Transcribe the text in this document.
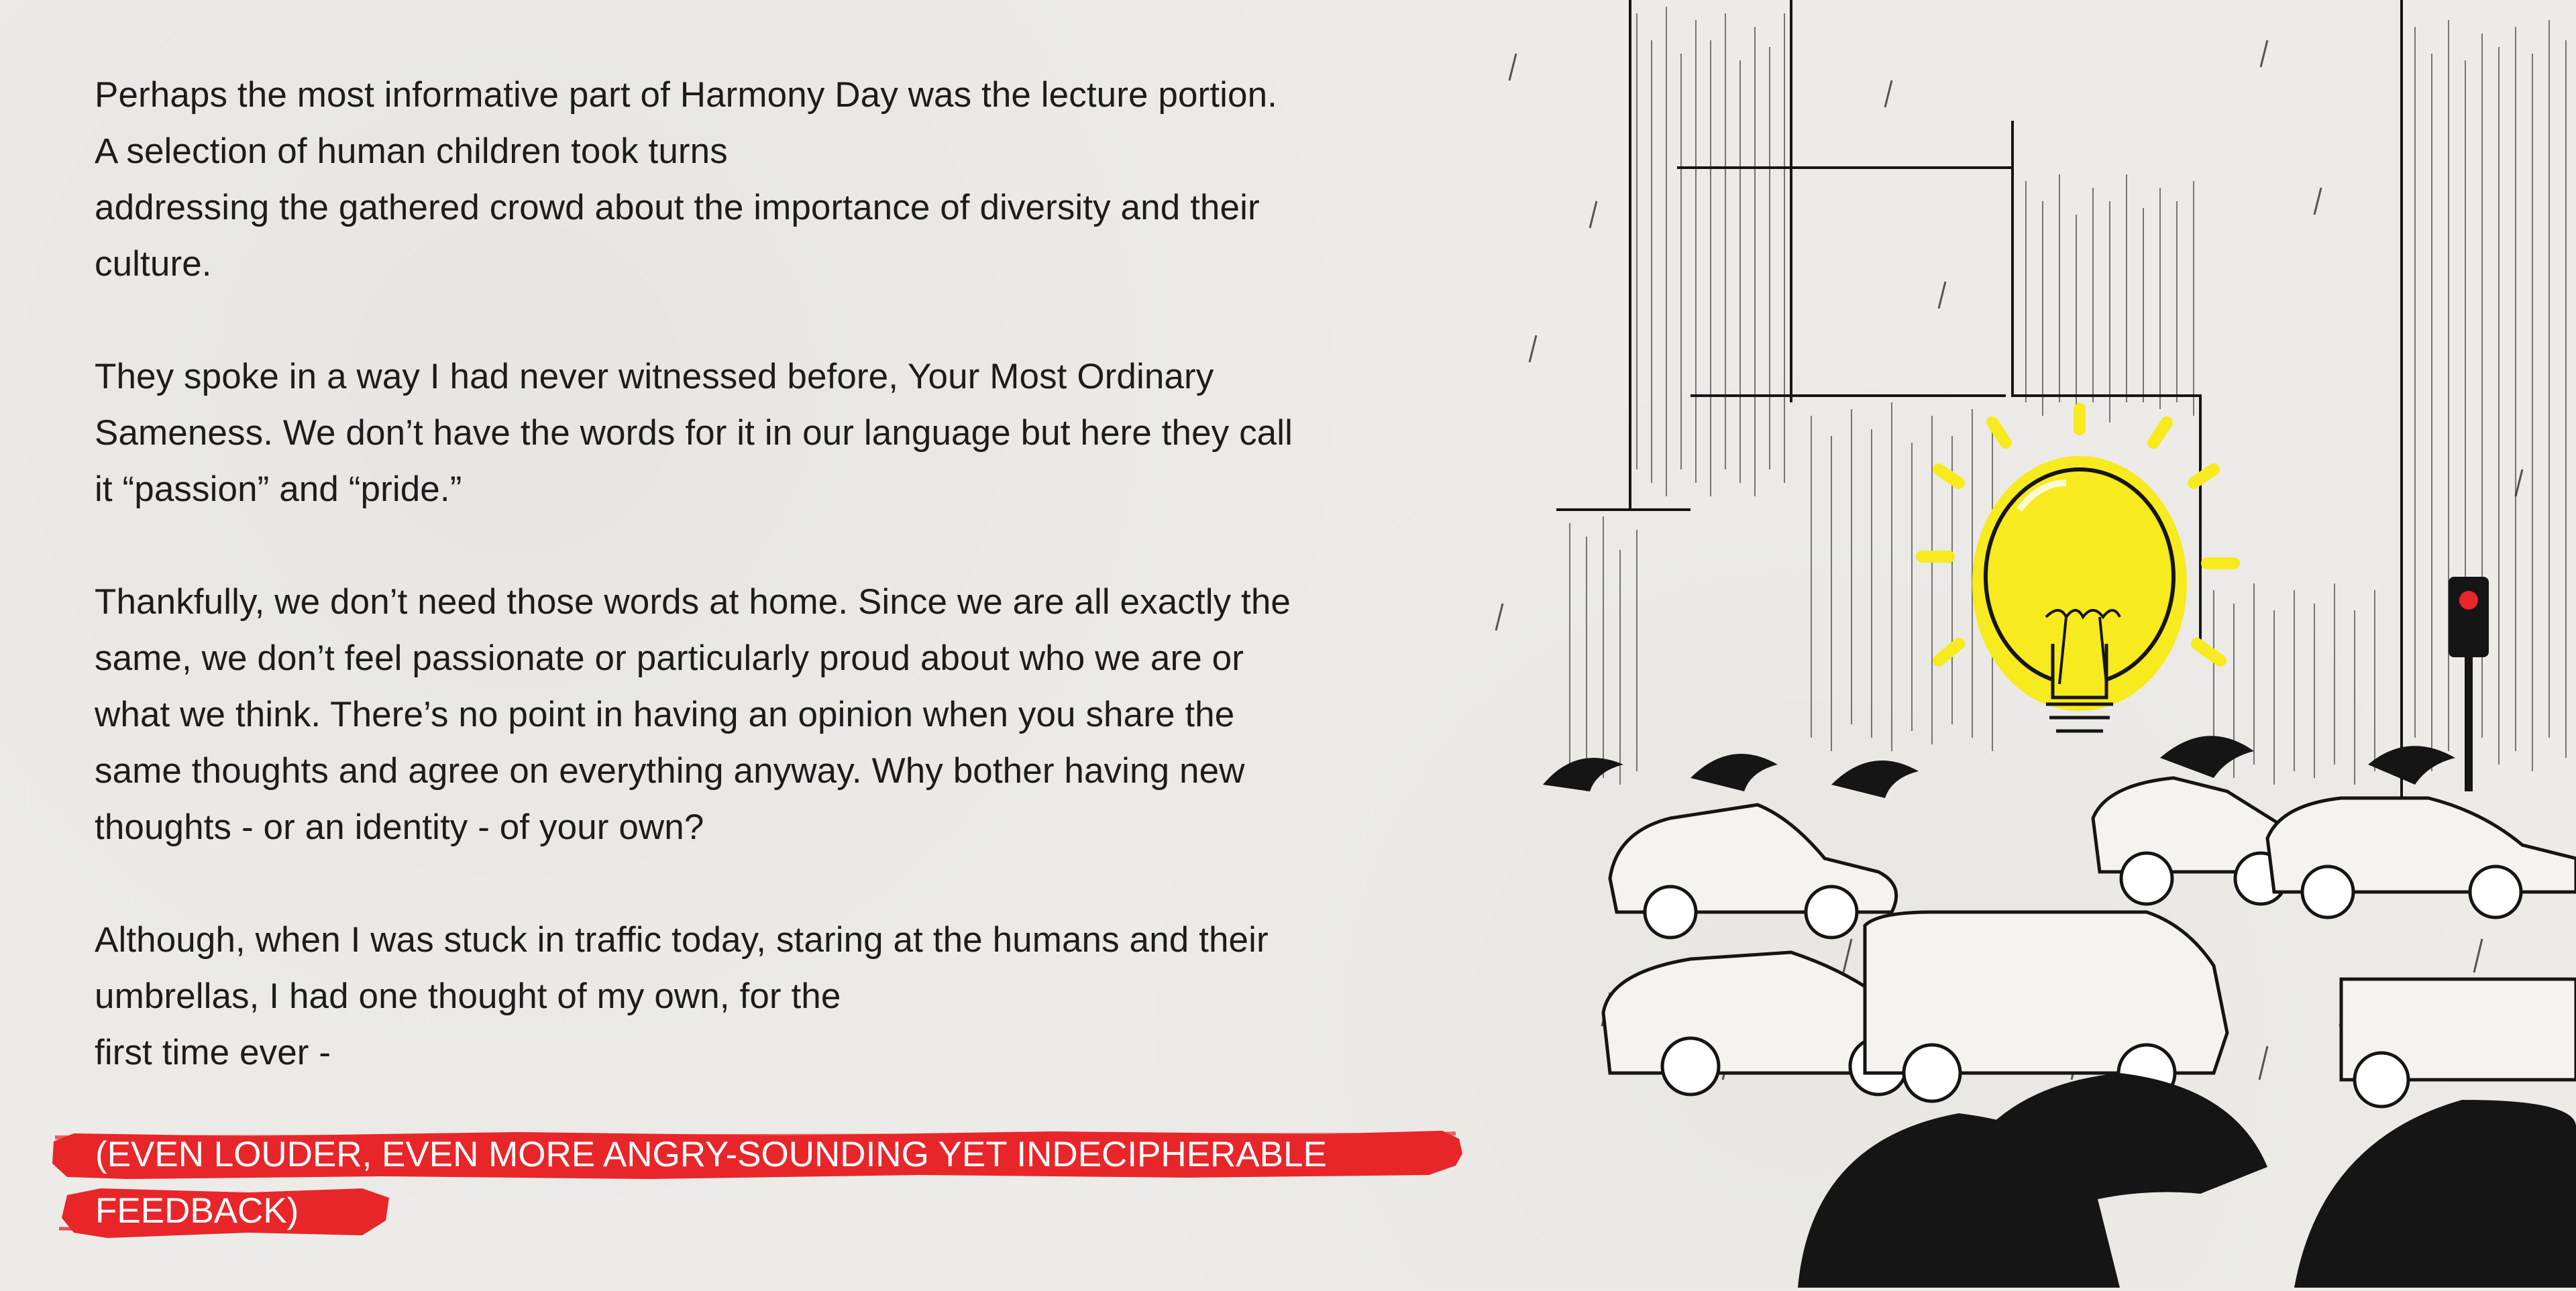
Perhaps the most informative part of Harmony Day was the lecture portion.
A selection of human children took turns
addressing the gathered crowd about the importance of diversity and their
culture.

They spoke in a way I had never witnessed before, Your Most Ordinary
Sameness. We don’t have the words for it in our language but here they call
it “passion” and “pride.”

Thankfully, we don’t need those words at home. Since we are all exactly the
same, we don’t feel passionate or particularly proud about who we are or
what we think. There’s no point in having an opinion when you share the
same thoughts and agree on everything anyway. Why bother having new
thoughts - or an identity - of your own?

Although, when I was stuck in traffic today, staring at the humans and their
umbrellas, I had one thought of my own, for the
first time ever -

(EVEN LOUDER, EVEN MORE ANGRY-SOUNDING YET INDECIPHERABLE
FEEDBACK)
